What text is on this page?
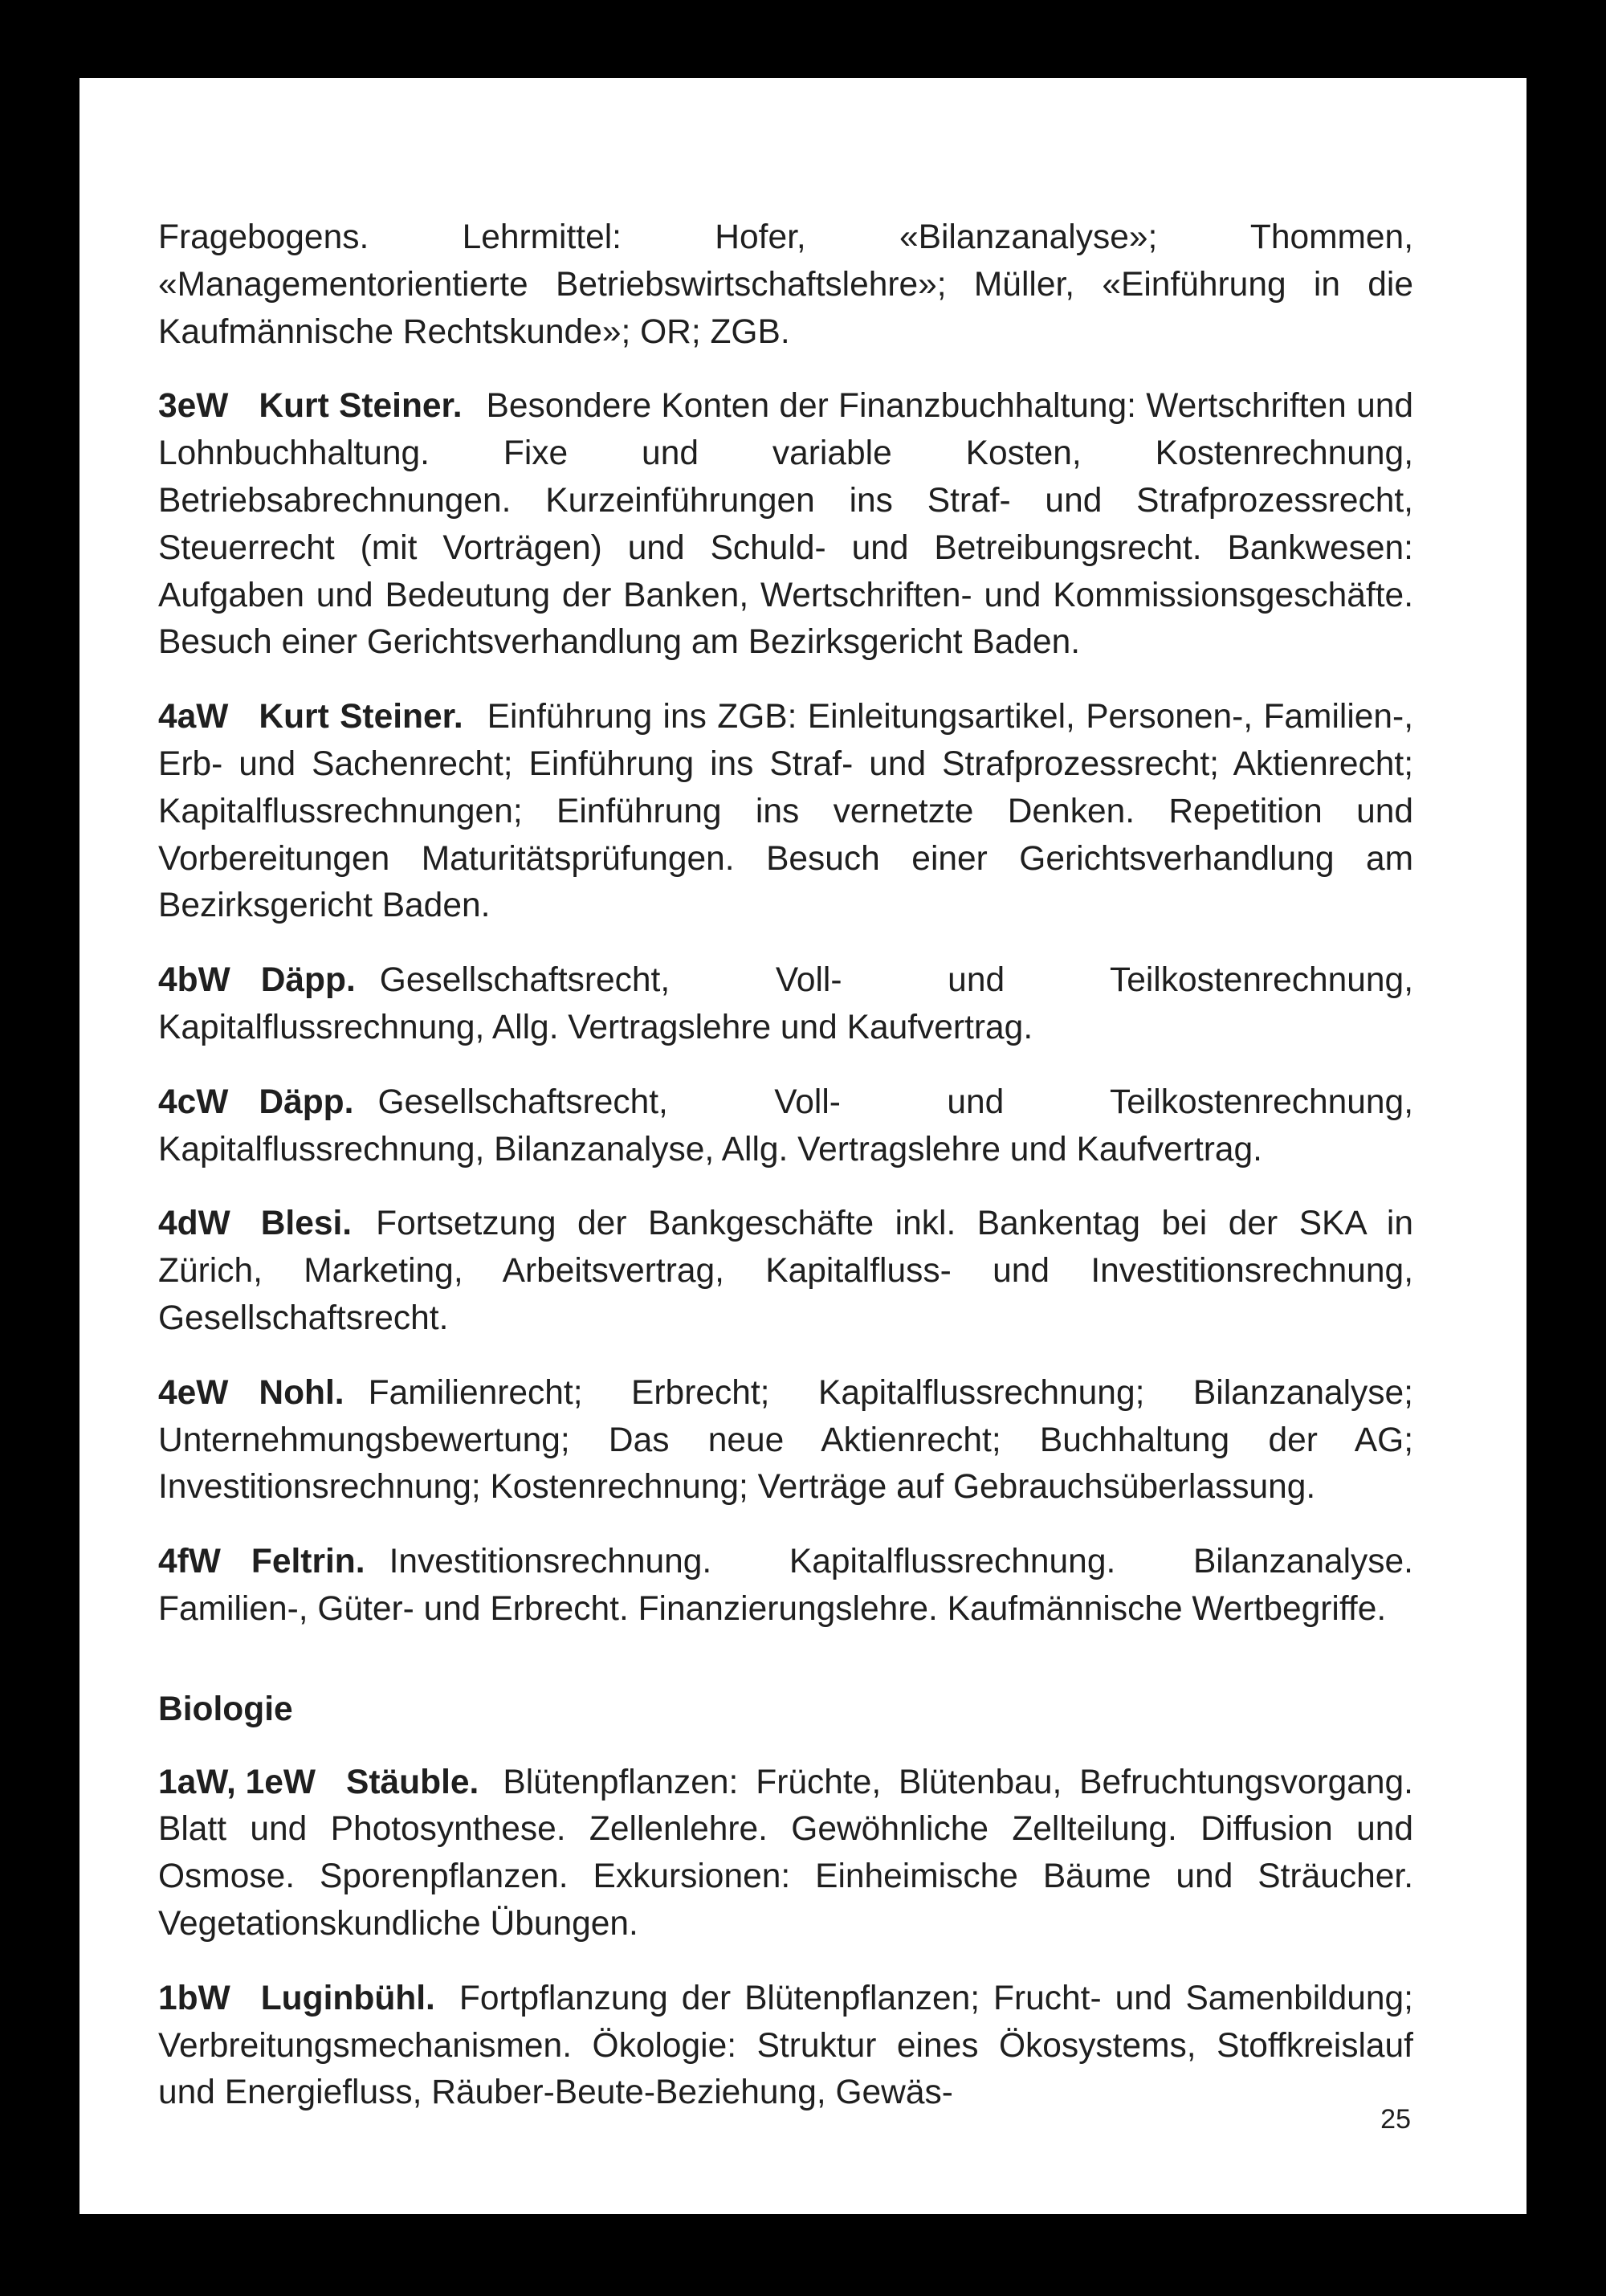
Fragebogens. Lehrmittel: Hofer, «Bilanzanalyse»; Thommen, «Managementorientierte Betriebswirtschaftslehre»; Müller, «Einführung in die Kaufmännische Rechtskunde»; OR; ZGB.

3eW Kurt Steiner. Besondere Konten der Finanzbuchhaltung: Wertschriften und Lohnbuchhaltung. Fixe und variable Kosten, Kostenrechnung, Betriebsabrechnungen. Kurzeinführungen ins Straf- und Strafprozessrecht, Steuerrecht (mit Vorträgen) und Schuld- und Betreibungsrecht. Bankwesen: Aufgaben und Bedeutung der Banken, Wertschriften- und Kommissionsgeschäfte. Besuch einer Gerichtsverhandlung am Bezirksgericht Baden.

4aW Kurt Steiner. Einführung ins ZGB: Einleitungsartikel, Personen-, Familien-, Erb- und Sachenrecht; Einführung ins Straf- und Strafprozessrecht; Aktienrecht; Kapitalflussrechnungen; Einführung ins vernetzte Denken. Repetition und Vorbereitungen Maturitätsprüfungen. Besuch einer Gerichtsverhandlung am Bezirksgericht Baden.

4bW Däpp. Gesellschaftsrecht, Voll- und Teilkostenrechnung, Kapitalflussrechnung, Allg. Vertragslehre und Kaufvertrag.

4cW Däpp. Gesellschaftsrecht, Voll- und Teilkostenrechnung, Kapitalflussrechnung, Bilanzanalyse, Allg. Vertragslehre und Kaufvertrag.

4dW Blesi. Fortsetzung der Bankgeschäfte inkl. Bankentag bei der SKA in Zürich, Marketing, Arbeitsvertrag, Kapitalfluss- und Investitionsrechnung, Gesellschaftsrecht.

4eW Nohl. Familienrecht; Erbrecht; Kapitalflussrechnung; Bilanzanalyse; Unternehmungsbewertung; Das neue Aktienrecht; Buchhaltung der AG; Investitionsrechnung; Kostenrechnung; Verträge auf Gebrauchsüberlassung.

4fW Feltrin. Investitionsrechnung. Kapitalflussrechnung. Bilanzanalyse. Familien-, Güter- und Erbrecht. Finanzierungslehre. Kaufmännische Wertbegriffe.

Biologie

1aW, 1eW Stäuble. Blütenpflanzen: Früchte, Blütenbau, Befruchtungsvorgang. Blatt und Photosynthese. Zellenlehre. Gewöhnliche Zellteilung. Diffusion und Osmose. Sporenpflanzen. Exkursionen: Einheimische Bäume und Sträucher. Vegetationskundliche Übungen.

1bW Luginbühl. Fortpflanzung der Blütenpflanzen; Frucht- und Samenbildung; Verbreitungsmechanismen. Ökologie: Struktur eines Ökosystems, Stoffkreislauf und Energiefluss, Räuber-Beute-Beziehung, Gewäs-

25
